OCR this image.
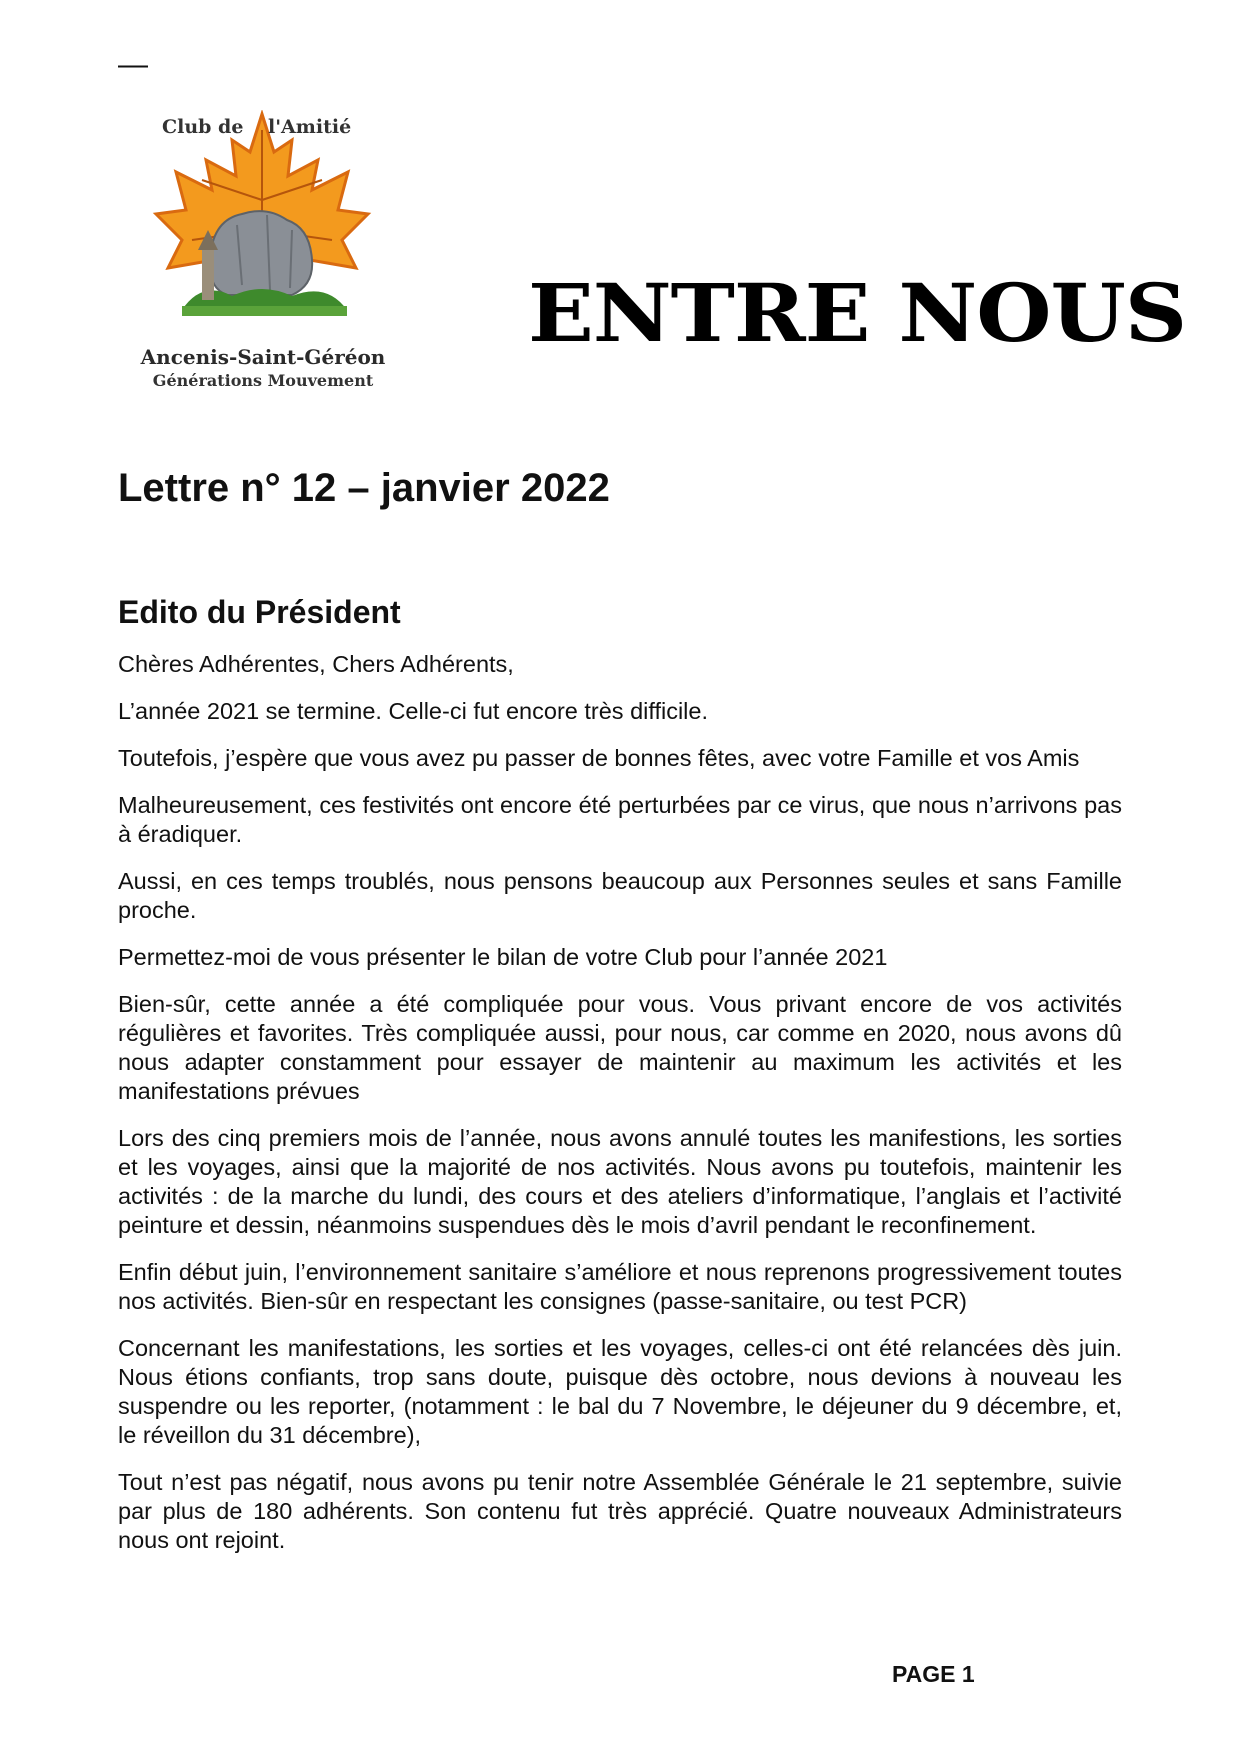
—
Club de l'Amitié
Ancenis-Saint-Géréon
Générations Mouvement
ENTRE NOUS
Lettre n° 12 – janvier 2022
Edito du Président

Chères Adhérentes, Chers Adhérents,

L’année 2021 se termine. Celle-ci fut encore très difficile.

Toutefois, j’espère que vous avez pu passer de bonnes fêtes, avec votre Famille et vos Amis

Malheureusement, ces festivités ont encore été perturbées par ce virus, que nous n’arrivons pas à éradiquer.

Aussi, en ces temps troublés, nous pensons beaucoup aux Personnes seules et sans Famille proche.

Permettez-moi de vous présenter le bilan de votre Club pour l’année 2021

Bien-sûr, cette année a été compliquée pour vous. Vous privant encore de vos activités régulières et favorites. Très compliquée aussi, pour nous, car comme en 2020, nous avons dû nous adapter constamment pour essayer de maintenir au maximum les activités et les manifestations prévues

Lors des cinq premiers mois de l’année, nous avons annulé toutes les manifestions, les sorties et les voyages, ainsi que la majorité de nos activités. Nous avons pu toutefois, maintenir les activités : de la marche du lundi, des cours et des ateliers d’informatique, l’anglais et l’activité peinture et dessin, néanmoins suspendues dès le mois d’avril pendant le reconfinement.

Enfin début juin, l’environnement sanitaire s’améliore et nous reprenons progressivement toutes nos activités. Bien-sûr en respectant les consignes (passe-sanitaire, ou test PCR)

Concernant les manifestations, les sorties et les voyages, celles-ci ont été relancées dès juin. Nous étions confiants, trop sans doute, puisque dès octobre, nous devions à nouveau les suspendre ou les reporter, (notamment : le bal du 7 Novembre, le déjeuner du 9 décembre, et, le réveillon du 31 décembre),

Tout n’est pas négatif, nous avons pu tenir notre Assemblée Générale le 21 septembre, suivie par plus de 180 adhérents. Son contenu fut très apprécié. Quatre nouveaux Administrateurs nous ont rejoint.

PAGE 1
